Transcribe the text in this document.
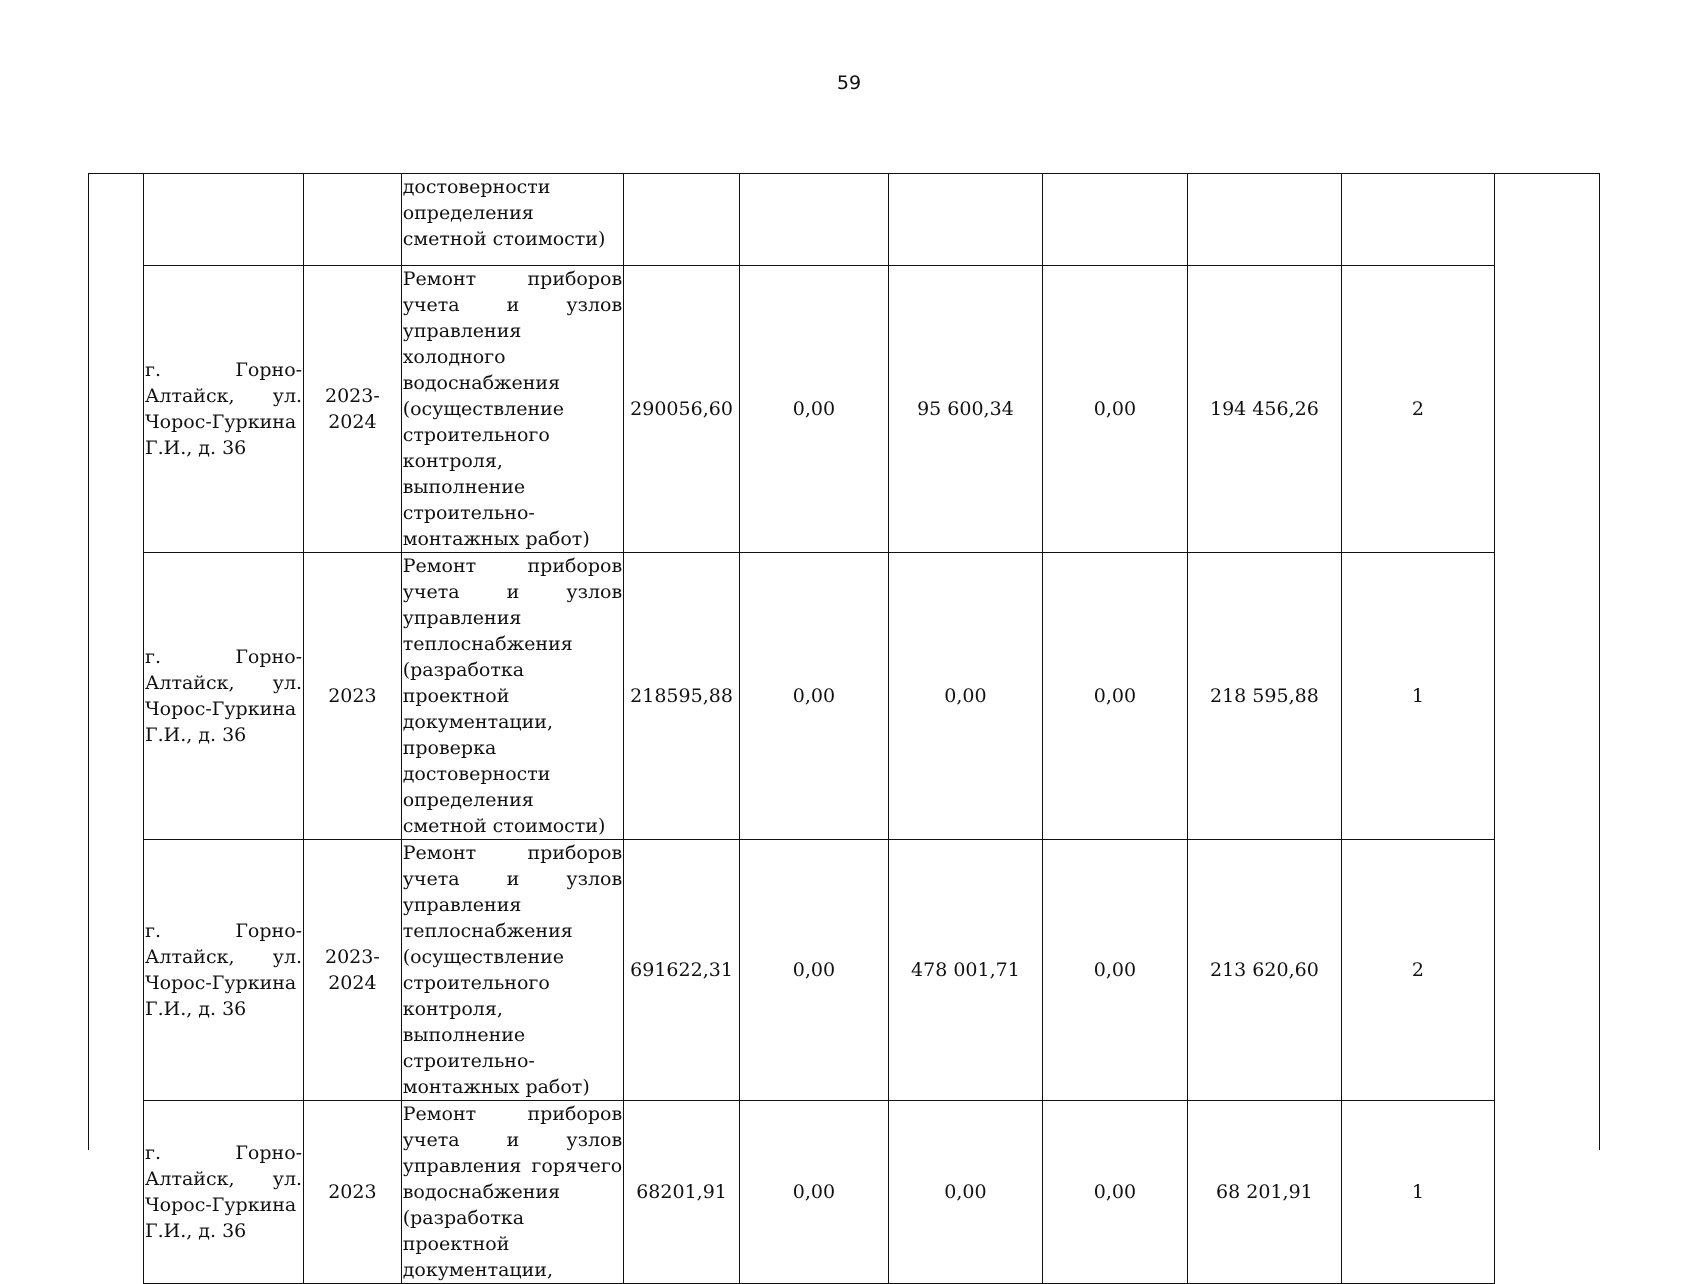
59
		достоверности определения сметной стоимости)						
г. Горно-Алтайск, ул. Чорос-Гуркина Г.И., д. 36	2023-2024	Ремонт приборов учета и узлов управления холодного водоснабжения (осуществление строительного контроля, выполнение строительно-монтажных работ)	290056,60	0,00	95 600,34	0,00	194 456,26	2
г. Горно-Алтайск, ул. Чорос-Гуркина Г.И., д. 36	2023	Ремонт приборов учета и узлов управления теплоснабжения (разработка проектной документации, проверка достоверности определения сметной стоимости)	218595,88	0,00	0,00	0,00	218 595,88	1
г. Горно-Алтайск, ул. Чорос-Гуркина Г.И., д. 36	2023-2024	Ремонт приборов учета и узлов управления теплоснабжения (осуществление строительного контроля, выполнение строительно-монтажных работ)	691622,31	0,00	478 001,71	0,00	213 620,60	2
г. Горно-Алтайск, ул. Чорос-Гуркина Г.И., д. 36	2023	Ремонт приборов учета и узлов управления горячего водоснабжения (разработка проектной документации,	68201,91	0,00	0,00	0,00	68 201,91	1
